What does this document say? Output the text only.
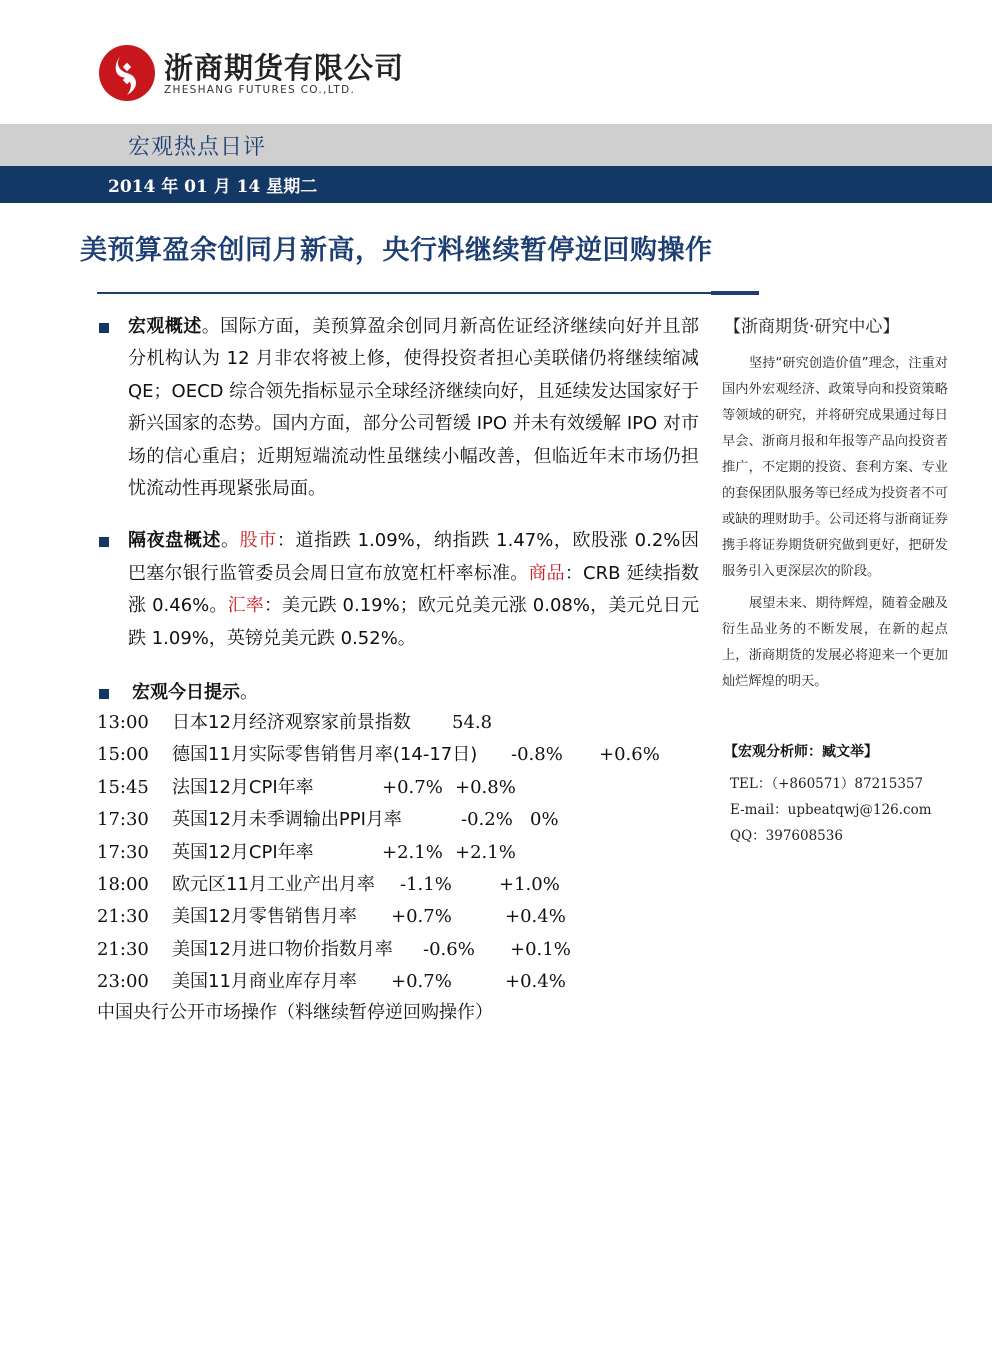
浙商期货有限公司
ZHESHANG FUTURES CO.,LTD.
宏观热点日评
2014 年 01 月 14 星期二
美预算盈余创同月新高，央行料继续暂停逆回购操作
宏观概述。国际方面，美预算盈余创同月新高佐证经济继续向好并且部分机构认为 12 月非农将被上修，使得投资者担心美联储仍将继续缩减 QE；OECD 综合领先指标显示全球经济继续向好，且延续发达国家好于新兴国家的态势。国内方面，部分公司暂缓 IPO 并未有效缓解 IPO 对市场的信心重启；近期短端流动性虽继续小幅改善，但临近年末市场仍担忧流动性再现紧张局面。
隔夜盘概述。股市：道指跌 1.09%，纳指跌 1.47%，欧股涨 0.2%因巴塞尔银行监管委员会周日宣布放宽杠杆率标准。商品：CRB 延续指数涨 0.46%。汇率：美元跌 0.19%；欧元兑美元涨 0.08%，美元兑日元跌 1.09%，英镑兑美元跌 0.52%。
宏观今日提示。
13:00 日本12月经济观察家前景指数 54.8
15:00 德国11月实际零售销售月率(14-17日) -0.8% +0.6%
15:45 法国12月CPI年率	+0.7% +0.8%
17:30 英国12月未季调输出PPI月率	-0.2% 0%
17:30 英国12月CPI年率	+2.1% +2.1%
18:00 欧元区11月工业产出月率 -1.1%	+1.0%
21:30 美国12月零售销售月率 +0.7%	+0.4%
21:30 美国12月进口物价指数月率 -0.6% +0.1%
23:00 美国11月商业库存月率 +0.7%	+0.4%
中国央行公开市场操作（料继续暂停逆回购操作）
【浙商期货·研究中心】
坚持“研究创造价值”理念，注重对国内外宏观经济、政策导向和投资策略等领域的研究，并将研究成果通过每日早会、浙商月报和年报等产品向投资者推广，不定期的投资、套利方案、专业的套保团队服务等已经成为投资者不可或缺的理财助手。公司还将与浙商证券携手将证券期货研究做到更好，把研发服务引入更深层次的阶段。
展望未来、期待辉煌，随着金融及衍生品业务的不断发展，在新的起点上，浙商期货的发展必将迎来一个更加灿烂辉煌的明天。
【宏观分析师：臧文举】
TEL：（+860571）87215357
E-mail：upbeatqwj@126.com
QQ：397608536
